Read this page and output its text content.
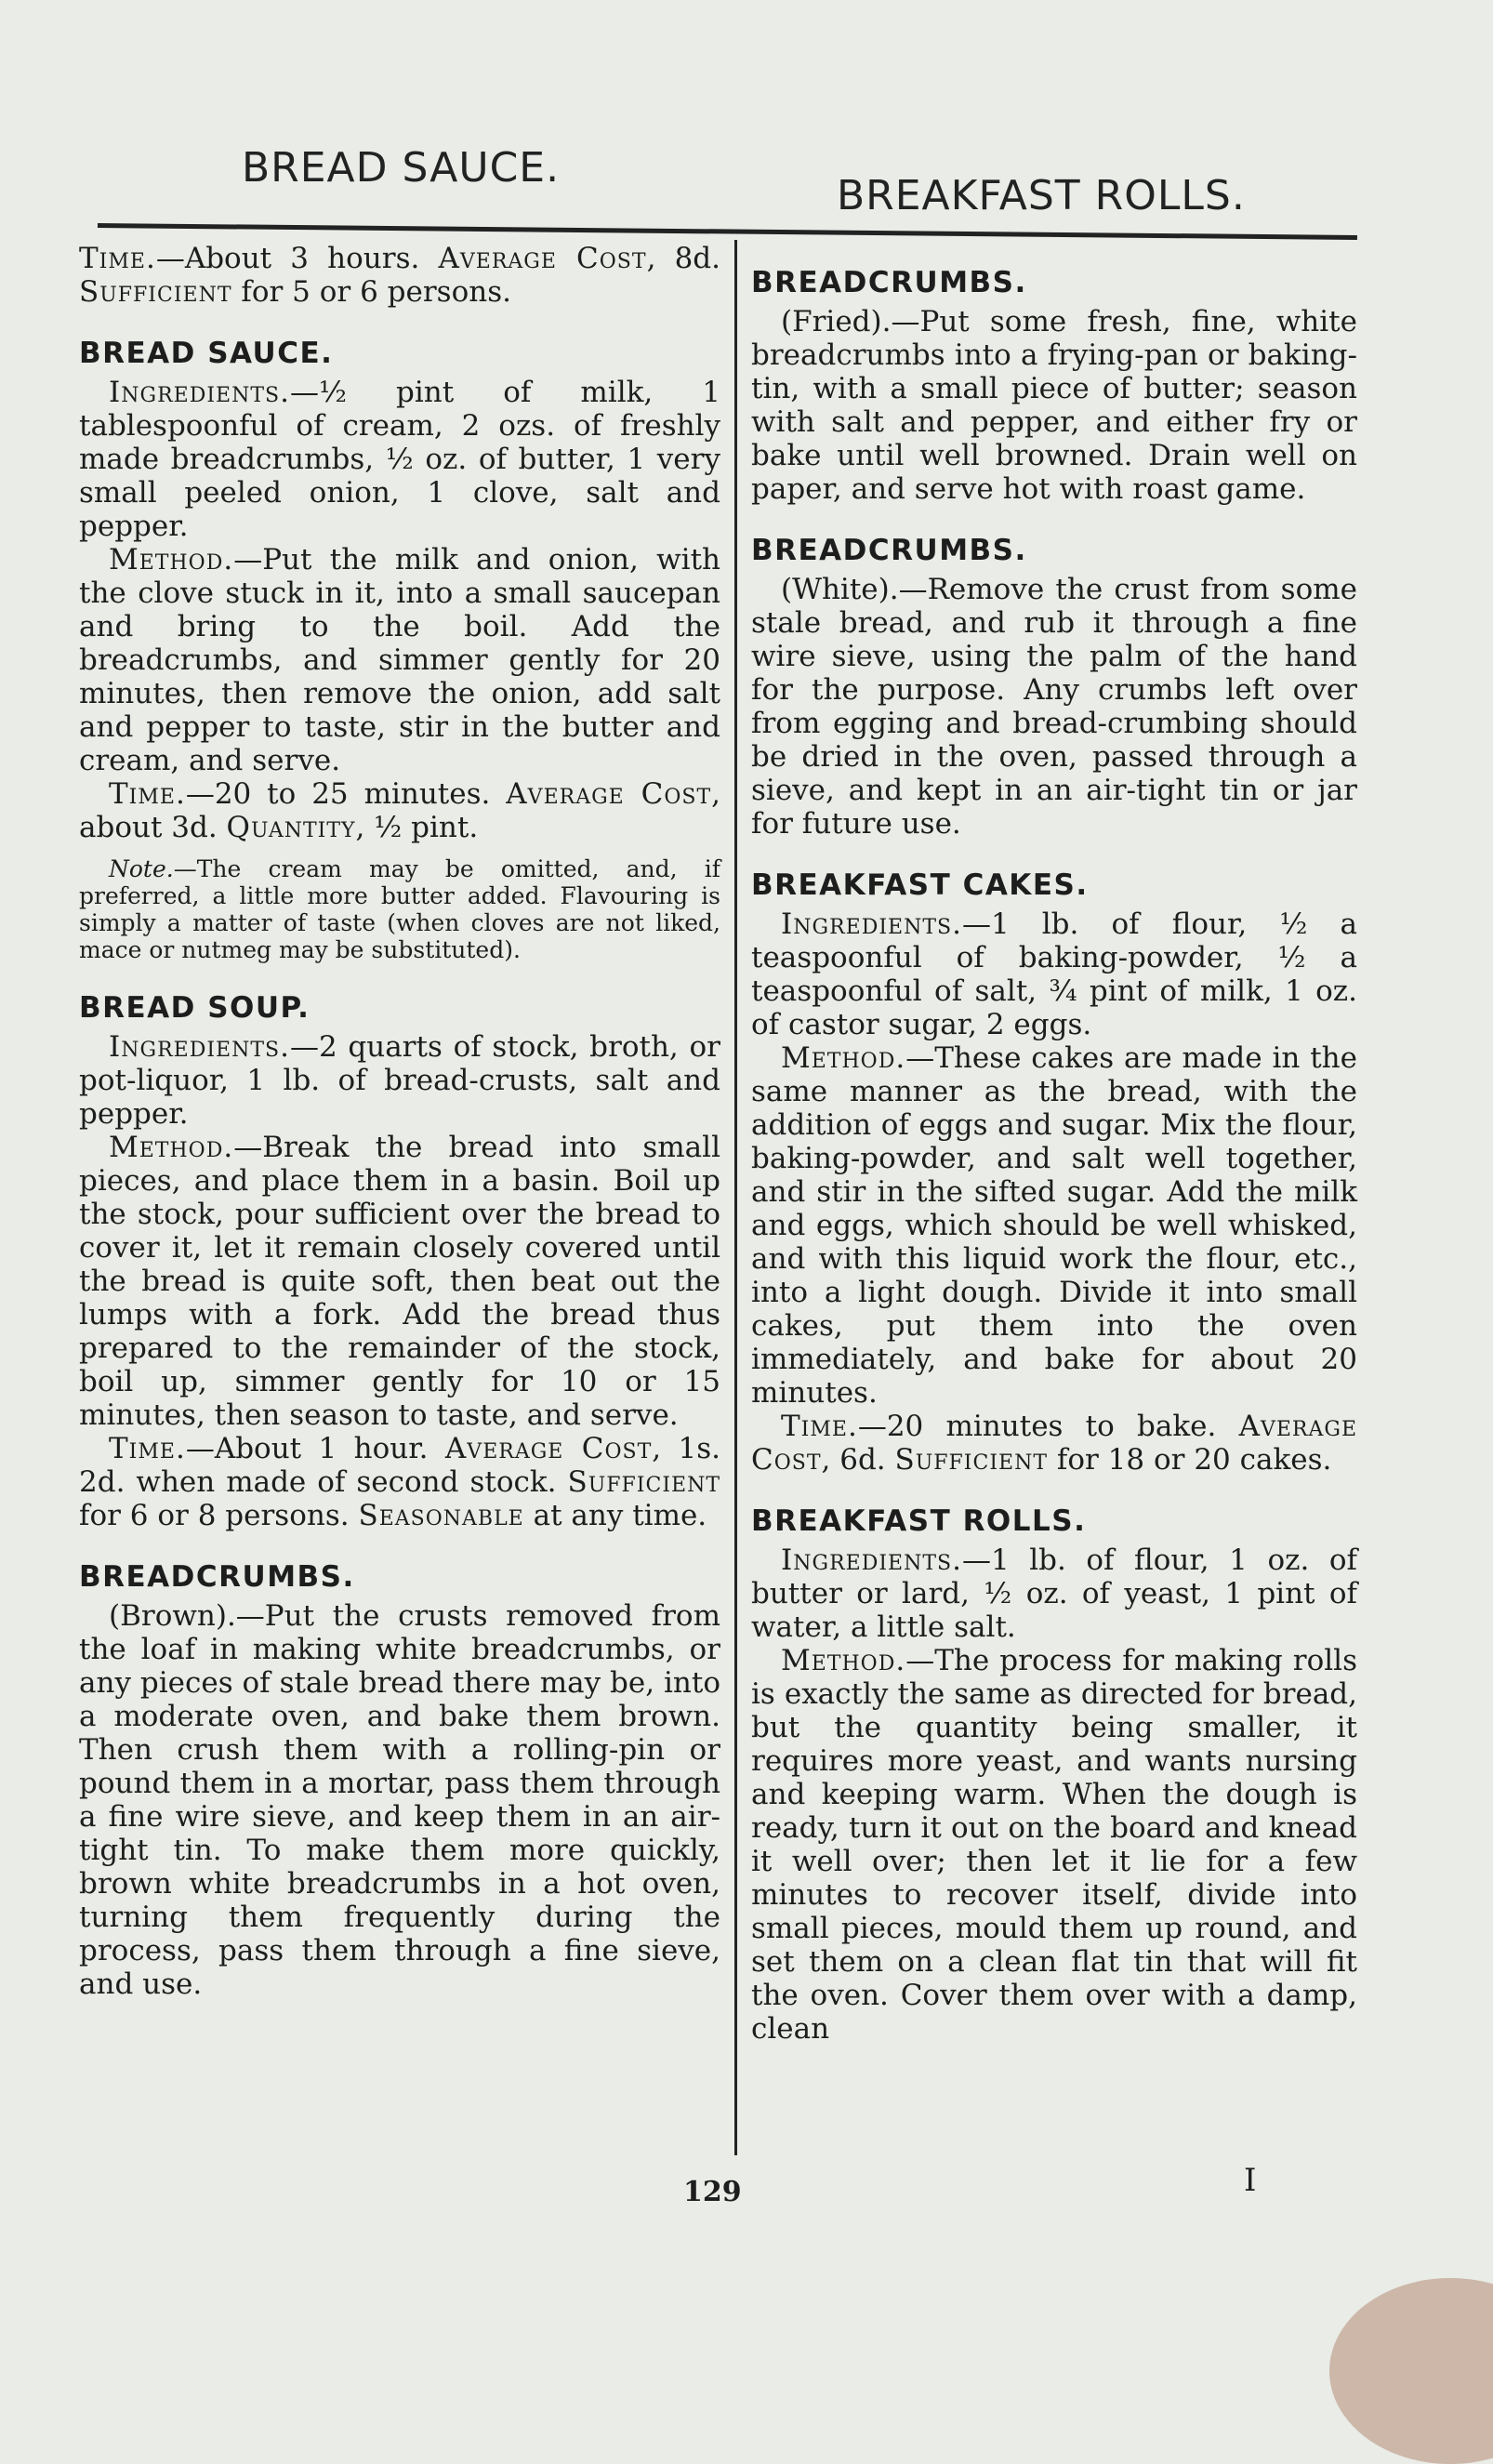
BREAD SAUCE.
BREAKFAST ROLLS.
Time.—About 3 hours. Average Cost, 8d. Sufficient for 5 or 6 persons.
BREAD SAUCE.
Ingredients.—½ pint of milk, 1 tablespoonful of cream, 2 ozs. of freshly made breadcrumbs, ½ oz. of butter, 1 very small peeled onion, 1 clove, salt and pepper.
Method.—Put the milk and onion, with the clove stuck in it, into a small saucepan and bring to the boil. Add the breadcrumbs, and simmer gently for 20 minutes, then remove the onion, add salt and pepper to taste, stir in the butter and cream, and serve.
Time.—20 to 25 minutes. Average Cost, about 3d. Quantity, ½ pint.
Note.—The cream may be omitted, and, if preferred, a little more butter added. Flavouring is simply a matter of taste (when cloves are not liked, mace or nutmeg may be substituted).
BREAD SOUP.
Ingredients.—2 quarts of stock, broth, or pot-liquor, 1 lb. of bread-crusts, salt and pepper.
Method.—Break the bread into small pieces, and place them in a basin. Boil up the stock, pour sufficient over the bread to cover it, let it remain closely covered until the bread is quite soft, then beat out the lumps with a fork. Add the bread thus prepared to the remainder of the stock, boil up, simmer gently for 10 or 15 minutes, then season to taste, and serve.
Time.—About 1 hour. Average Cost, 1s. 2d. when made of second stock. Sufficient for 6 or 8 persons. Seasonable at any time.
BREADCRUMBS.
(Brown).—Put the crusts removed from the loaf in making white breadcrumbs, or any pieces of stale bread there may be, into a moderate oven, and bake them brown. Then crush them with a rolling-pin or pound them in a mortar, pass them through a fine wire sieve, and keep them in an air-tight tin. To make them more quickly, brown white breadcrumbs in a hot oven, turning them frequently during the process, pass them through a fine sieve, and use.
BREADCRUMBS.
(Fried).—Put some fresh, fine, white breadcrumbs into a frying-pan or baking-tin, with a small piece of butter; season with salt and pepper, and either fry or bake until well browned. Drain well on paper, and serve hot with roast game.
BREADCRUMBS.
(White).—Remove the crust from some stale bread, and rub it through a fine wire sieve, using the palm of the hand for the purpose. Any crumbs left over from egging and bread-crumbing should be dried in the oven, passed through a sieve, and kept in an air-tight tin or jar for future use.
BREAKFAST CAKES.
Ingredients.—1 lb. of flour, ½ a teaspoonful of baking-powder, ½ a teaspoonful of salt, ¾ pint of milk, 1 oz. of castor sugar, 2 eggs.
Method.—These cakes are made in the same manner as the bread, with the addition of eggs and sugar. Mix the flour, baking-powder, and salt well together, and stir in the sifted sugar. Add the milk and eggs, which should be well whisked, and with this liquid work the flour, etc., into a light dough. Divide it into small cakes, put them into the oven immediately, and bake for about 20 minutes.
Time.—20 minutes to bake. Average Cost, 6d. Sufficient for 18 or 20 cakes.
BREAKFAST ROLLS.
Ingredients.—1 lb. of flour, 1 oz. of butter or lard, ½ oz. of yeast, 1 pint of water, a little salt.
Method.—The process for making rolls is exactly the same as directed for bread, but the quantity being smaller, it requires more yeast, and wants nursing and keeping warm. When the dough is ready, turn it out on the board and knead it well over; then let it lie for a few minutes to recover itself, divide into small pieces, mould them up round, and set them on a clean flat tin that will fit the oven. Cover them over with a damp, clean
129	I
